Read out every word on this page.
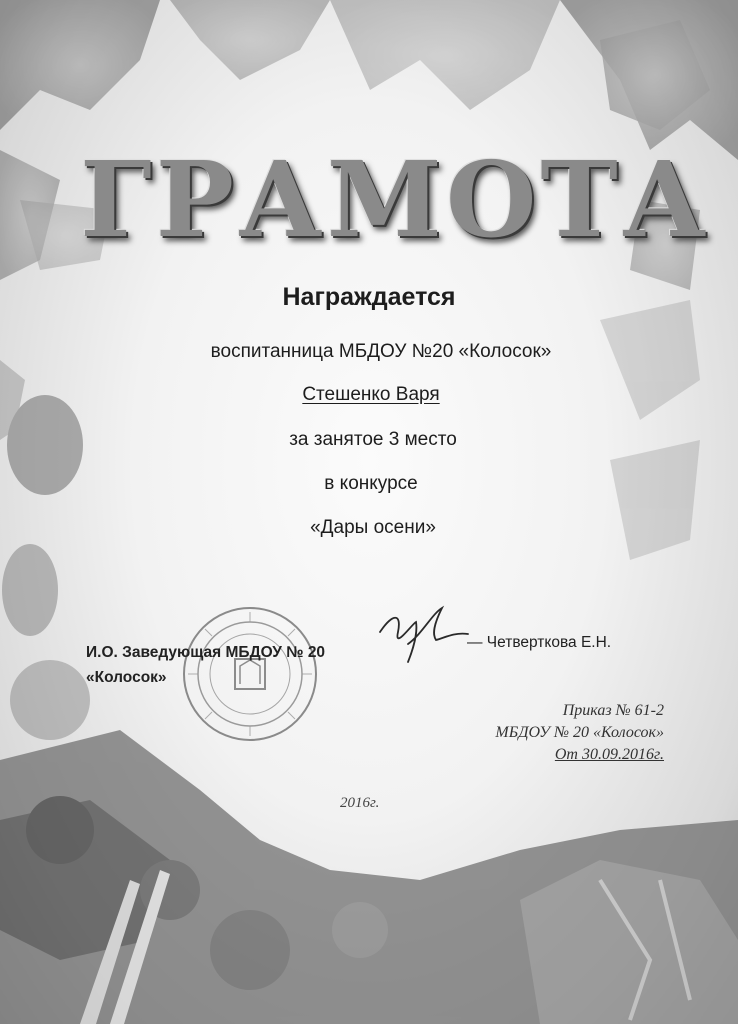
ГРАМОТА
Награждается
воспитанница МБДОУ №20 «Колосок»
Стешенко Варя
за занятое 3 место
в конкурсе
«Дары осени»
И.О. Заведующая МБДОУ № 20
«Колосок»
— Четверткова Е.Н.
Приказ № 61-2
МБДОУ № 20 «Колосок»
От 30.09.2016г.
2016г.
